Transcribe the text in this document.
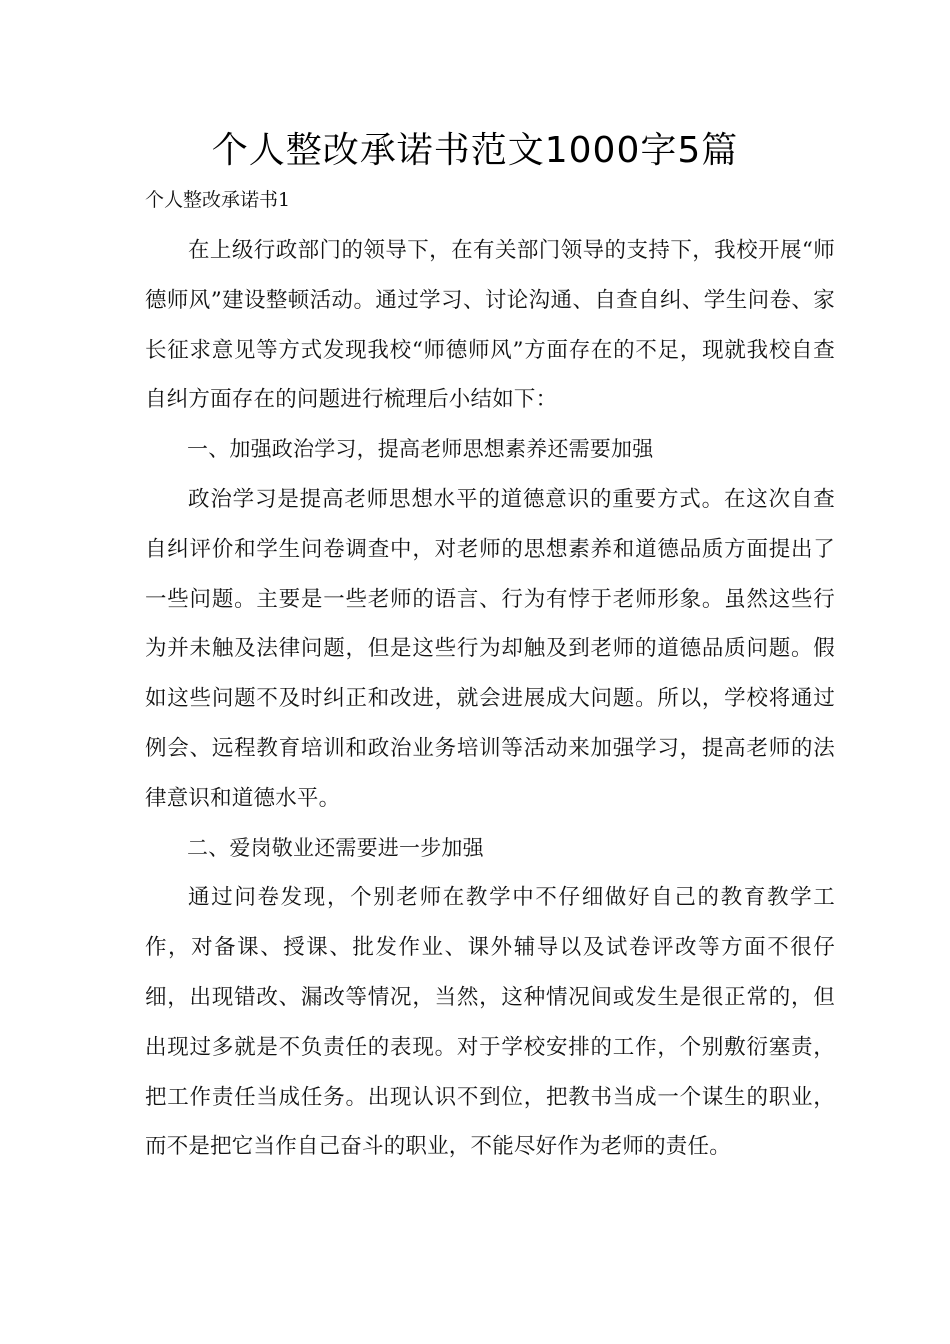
个人整改承诺书范文1000字5篇

个人整改承诺书1

在上级行政部门的领导下，在有关部门领导的支持下，我校开展“师德师风”建设整顿活动。通过学习、讨论沟通、自查自纠、学生问卷、家长征求意见等方式发现我校“师德师风”方面存在的不足，现就我校自查自纠方面存在的问题进行梳理后小结如下：

一、加强政治学习，提高老师思想素养还需要加强

政治学习是提高老师思想水平的道德意识的重要方式。在这次自查自纠评价和学生问卷调查中，对老师的思想素养和道德品质方面提出了一些问题。主要是一些老师的语言、行为有悖于老师形象。虽然这些行为并未触及法律问题，但是这些行为却触及到老师的道德品质问题。假如这些问题不及时纠正和改进，就会进展成大问题。所以，学校将通过例会、远程教育培训和政治业务培训等活动来加强学习，提高老师的法律意识和道德水平。

二、爱岗敬业还需要进一步加强

通过问卷发现，个别老师在教学中不仔细做好自己的教育教学工作，对备课、授课、批发作业、课外辅导以及试卷评改等方面不很仔细，出现错改、漏改等情况，当然，这种情况间或发生是很正常的，但出现过多就是不负责任的表现。对于学校安排的工作，个别敷衍塞责，把工作责任当成任务。出现认识不到位，把教书当成一个谋生的职业，而不是把它当作自己奋斗的职业，不能尽好作为老师的责任。
